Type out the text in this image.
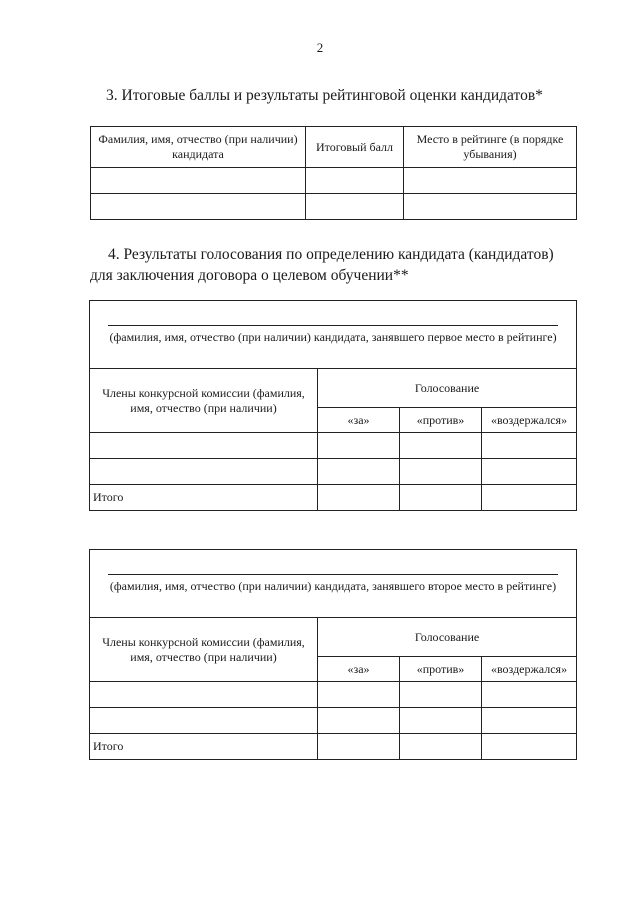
2
3. Итоговые баллы и результаты рейтинговой оценки кандидатов*
Фамилия, имя, отчество (при наличии) кандидата	Итоговый балл	Место в рейтинге (в порядке убывания)

4. Результаты голосования по определению кандидата (кандидатов) для заключения договора о целевом обучении**
(фамилия, имя, отчество (при наличии) кандидата, занявшего первое место в рейтинге)			

Члены конкурсной комиссии (фамилия, имя, отчество (при наличии)	Голосование		
	«за»	«против»	«воздержался»

Итого			
(фамилия, имя, отчество (при наличии) кандидата, занявшего второе место в рейтинге)			

Члены конкурсной комиссии (фамилия, имя, отчество (при наличии)	Голосование		
	«за»	«против»	«воздержался»

Итого			
